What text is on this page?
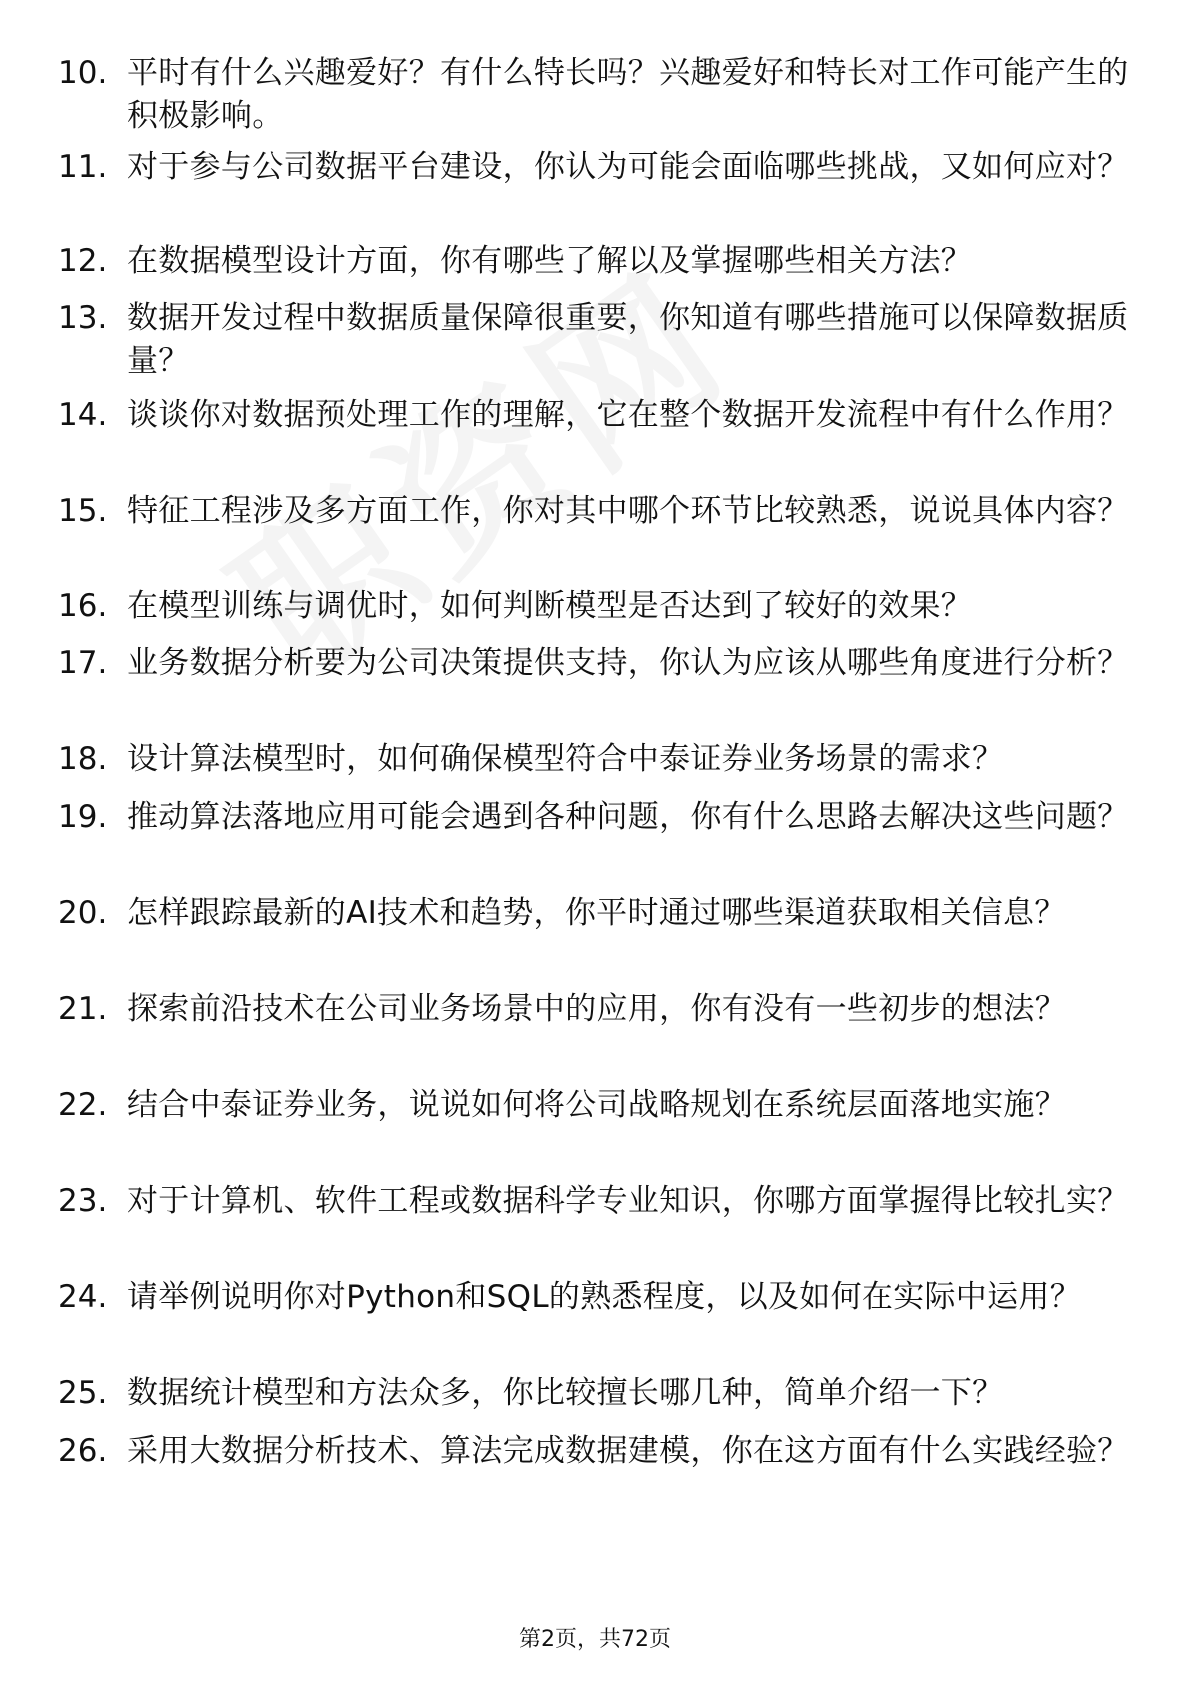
10. 平时有什么兴趣爱好？有什么特长吗？兴趣爱好和特长对工作可能产生的积极影响。
11. 对于参与公司数据平台建设，你认为可能会面临哪些挑战，又如何应对？
12. 在数据模型设计方面，你有哪些了解以及掌握哪些相关方法？
13. 数据开发过程中数据质量保障很重要，你知道有哪些措施可以保障数据质量？
14. 谈谈你对数据预处理工作的理解，它在整个数据开发流程中有什么作用？
15. 特征工程涉及多方面工作，你对其中哪个环节比较熟悉，说说具体内容？
16. 在模型训练与调优时，如何判断模型是否达到了较好的效果？
17. 业务数据分析要为公司决策提供支持，你认为应该从哪些角度进行分析？
18. 设计算法模型时，如何确保模型符合中泰证券业务场景的需求？
19. 推动算法落地应用可能会遇到各种问题，你有什么思路去解决这些问题？
20. 怎样跟踪最新的AI技术和趋势，你平时通过哪些渠道获取相关信息？
21. 探索前沿技术在公司业务场景中的应用，你有没有一些初步的想法？
22. 结合中泰证券业务，说说如何将公司战略规划在系统层面落地实施？
23. 对于计算机、软件工程或数据科学专业知识，你哪方面掌握得比较扎实？
24. 请举例说明你对Python和SQL的熟悉程度，以及如何在实际中运用？
25. 数据统计模型和方法众多，你比较擅长哪几种，简单介绍一下？
26. 采用大数据分析技术、算法完成数据建模，你在这方面有什么实践经验？
第2页，共72页
